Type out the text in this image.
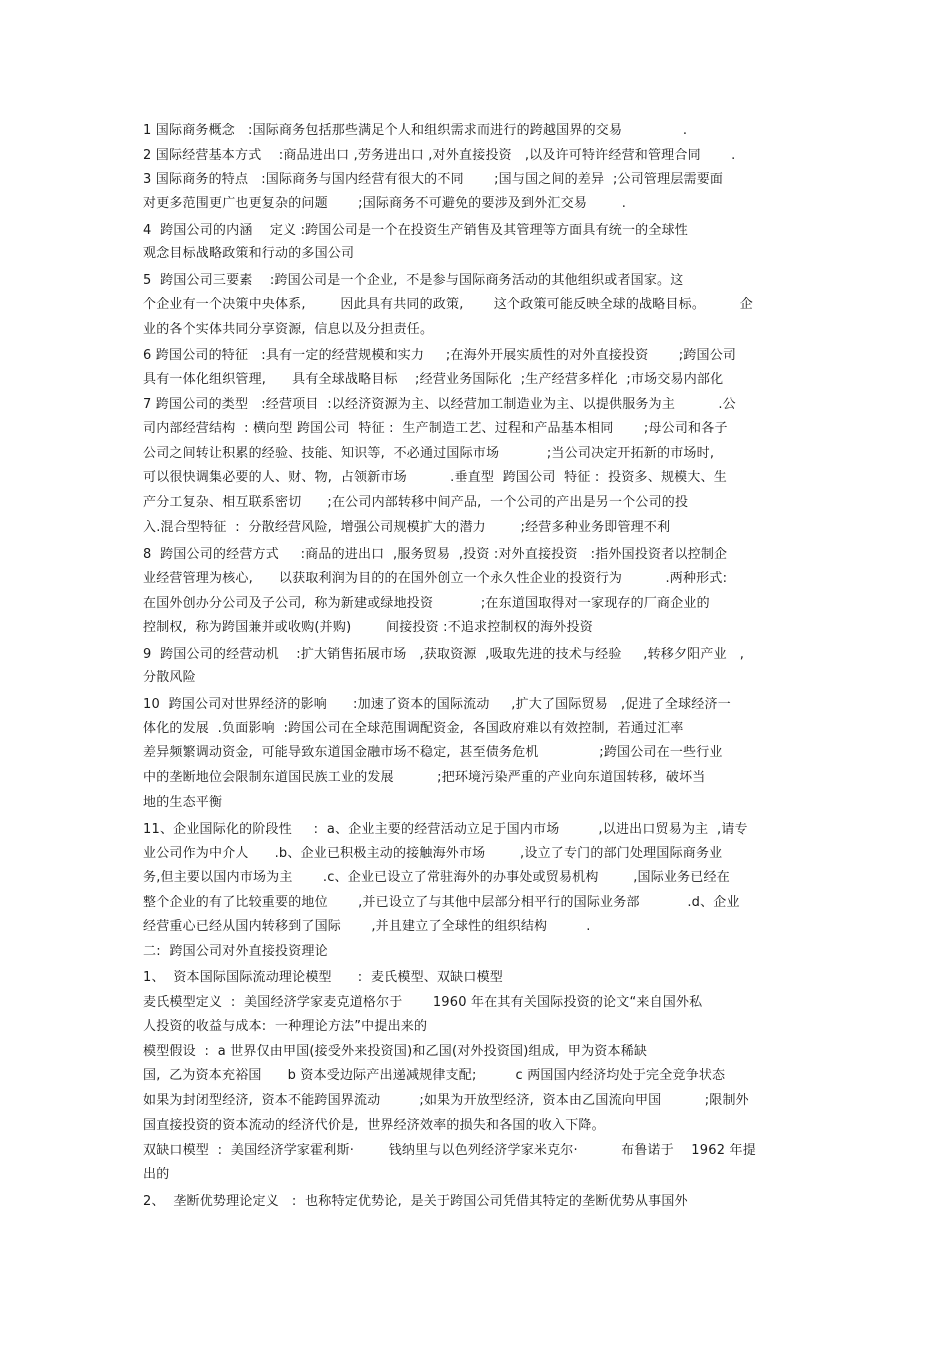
1 国际商务概念   :国际商务包括那些满足个人和组织需求而进行的跨越国界的交易              .
2 国际经营基本方式    :商品进出口 ,劳务进出口 ,对外直接投资   ,以及许可特许经营和管理合同       .
3 国际商务的特点   :国际商务与国内经营有很大的不同       ;国与国之间的差异  ;公司管理层需要面
对更多范围更广也更复杂的问题       ;国际商务不可避免的要涉及到外汇交易        .
4  跨国公司的内涵    定义 :跨国公司是一个在投资生产销售及其管理等方面具有统一的全球性
观念目标战略政策和行动的多国公司
5  跨国公司三要素    :跨国公司是一个企业,  不是参与国际商务活动的其他组织或者国家。这
个企业有一个决策中央体系,        因此具有共同的政策,       这个政策可能反映全球的战略目标。        企
业的各个实体共同分享资源,  信息以及分担责任。
6 跨国公司的特征   :具有一定的经营规模和实力     ;在海外开展实质性的对外直接投资       ;跨国公司
具有一体化组织管理,      具有全球战略目标    ;经营业务国际化  ;生产经营多样化  ;市场交易内部化
7 跨国公司的类型   :经营项目  :以经济资源为主、以经营加工制造业为主、以提供服务为主          .公
司内部经营结构  : 横向型 跨国公司  特征 :  生产制造工艺、过程和产品基本相同       ;母公司和各子
公司之间转让积累的经验、技能、知识等,  不必通过国际市场           ;当公司决定开拓新的市场时,
可以很快调集必要的人、财、物,  占领新市场          .垂直型  跨国公司  特征 :  投资多、规模大、生
产分工复杂、相互联系密切      ;在公司内部转移中间产品,  一个公司的产出是另一个公司的投
入.混合型特征  :  分散经营风险,  增强公司规模扩大的潜力        ;经营多种业务即管理不利
8  跨国公司的经营方式     :商品的进出口  ,服务贸易  ,投资 :对外直接投资   :指外国投资者以控制企
业经营管理为核心,      以获取利润为目的的在国外创立一个永久性企业的投资行为          .两种形式:
在国外创办分公司及子公司,  称为新建或绿地投资           ;在东道国取得对一家现存的厂商企业的
控制权,  称为跨国兼并或收购(并购)        间接投资 :不追求控制权的海外投资
9  跨国公司的经营动机    :扩大销售拓展市场   ,获取资源  ,吸取先进的技术与经验     ,转移夕阳产业   ,
分散风险
10  跨国公司对世界经济的影响      :加速了资本的国际流动     ,扩大了国际贸易   ,促进了全球经济一
体化的发展  .负面影响  :跨国公司在全球范围调配资金,  各国政府难以有效控制,  若通过汇率
差异频繁调动资金,  可能导致东道国金融市场不稳定,  甚至债务危机              ;跨国公司在一些行业
中的垄断地位会限制东道国民族工业的发展          ;把环境污染严重的产业向东道国转移,  破坏当
地的生态平衡
11、企业国际化的阶段性     :  a、企业主要的经营活动立足于国内市场         ,以进出口贸易为主  ,请专
业公司作为中介人      .b、企业已积极主动的接触海外市场        ,设立了专门的部门处理国际商务业
务,但主要以国内市场为主       .c、企业已设立了常驻海外的办事处或贸易机构        ,国际业务已经在
整个企业的有了比较重要的地位       ,并已设立了与其他中层部分相平行的国际业务部           .d、企业
经营重心已经从国内转移到了国际       ,并且建立了全球性的组织结构         .
二:  跨国公司对外直接投资理论
1、  资本国际国际流动理论模型      :  麦氏模型、双缺口模型
麦氏模型定义  :  美国经济学家麦克道格尔于       1960 年在其有关国际投资的论文“来自国外私
人投资的收益与成本:  一种理论方法”中提出来的
模型假设  :  a 世界仅由甲国(接受外来投资国)和乙国(对外投资国)组成,  甲为资本稀缺
国,  乙为资本充裕国      b 资本受边际产出递减规律支配;         c 两国国内经济均处于完全竞争状态
如果为封闭型经济,  资本不能跨国界流动         ;如果为开放型经济,  资本由乙国流向甲国          ;限制外
国直接投资的资本流动的经济代价是,  世界经济效率的损失和各国的收入下降。
双缺口模型  :  美国经济学家霍利斯·        钱纳里与以色列经济学家米克尔·          布鲁诺于    1962 年提
出的
2、  垄断优势理论定义   :  也称特定优势论,  是关于跨国公司凭借其特定的垄断优势从事国外
